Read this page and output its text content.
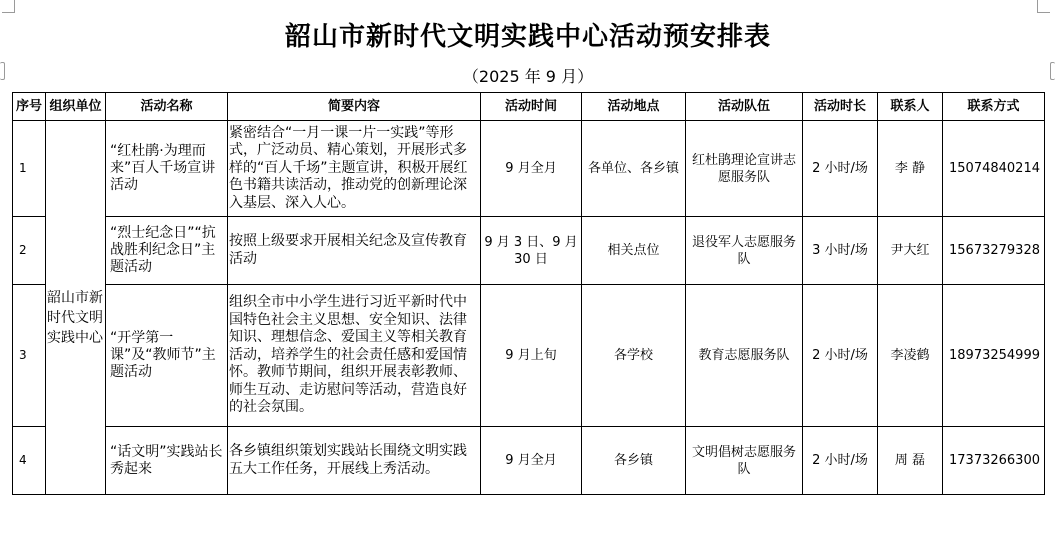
韶山市新时代文明实践中心活动预安排表
（2025 年 9 月）
序号	组织单位	活动名称	简要内容	活动时间	活动地点	活动队伍	活动时长	联系人	联系方式
1	韶山市新时代文明实践中心	“红杜鹃·为理而来”百人千场宣讲活动	紧密结合“一月一课一片一实践”等形式，广泛动员、精心策划，开展形式多样的“百人千场”主题宣讲，积极开展红色书籍共读活动，推动党的创新理论深入基层、深入人心。	9 月全月	各单位、各乡镇	红杜鹃理论宣讲志愿服务队	2 小时/场	李 静	15074840214
2		“烈士纪念日”“抗战胜利纪念日”主题活动	按照上级要求开展相关纪念及宣传教育活动	9 月 3 日、9 月 30 日	相关点位	退役军人志愿服务队	3 小时/场	尹大红	15673279328
3		“开学第一课”及“教师节”主题活动	组织全市中小学生进行习近平新时代中国特色社会主义思想、安全知识、法律知识、理想信念、爱国主义等相关教育活动，培养学生的社会责任感和爱国情怀。教师节期间，组织开展表彰教师、师生互动、走访慰问等活动，营造良好的社会氛围。	9 月上旬	各学校	教育志愿服务队	2 小时/场	李凌鹤	18973254999
4		“话文明”实践站长秀起来	各乡镇组织策划实践站长围绕文明实践五大工作任务，开展线上秀活动。	9 月全月	各乡镇	文明倡树志愿服务队	2 小时/场	周 磊	17373266300
